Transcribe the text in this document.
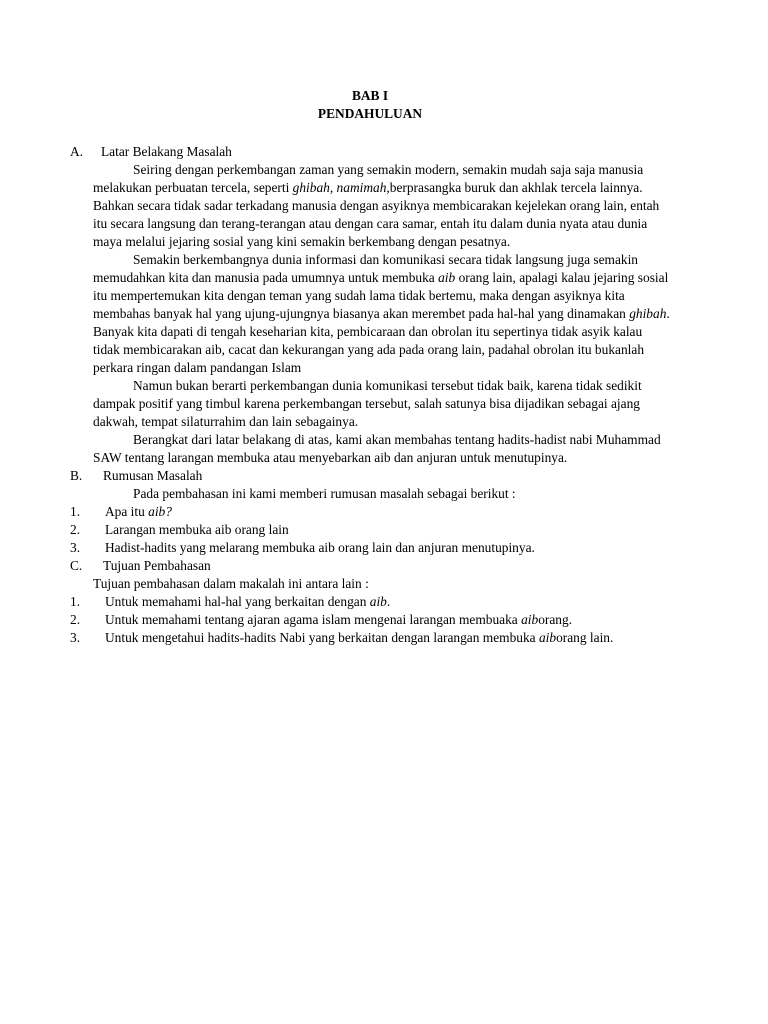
BAB I
PENDAHULUAN
A.	Latar Belakang Masalah
Seiring dengan perkembangan zaman yang semakin modern, semakin mudah saja saja manusia melakukan perbuatan tercela, seperti ghibah, namimah,berprasangka buruk dan akhlak tercela lainnya. Bahkan secara tidak sadar terkadang manusia dengan asyiknya membicarakan kejelekan orang lain, entah itu secara langsung dan terang-terangan atau dengan cara samar, entah itu dalam dunia nyata atau dunia maya melalui jejaring sosial yang kini semakin berkembang dengan pesatnya.
Semakin berkembangnya dunia informasi dan komunikasi secara tidak langsung juga semakin memudahkan kita dan manusia pada umumnya untuk membuka aib orang lain, apalagi kalau jejaring sosial itu mempertemukan kita dengan teman yang sudah lama tidak bertemu, maka dengan asyiknya kita membahas banyak hal yang ujung-ujungnya biasanya akan merembet pada hal-hal yang dinamakan ghibah. Banyak kita dapati di tengah keseharian kita, pembicaraan dan obrolan itu sepertinya tidak asyik kalau tidak membicarakan aib, cacat dan kekurangan yang ada pada orang lain, padahal obrolan itu bukanlah perkara ringan dalam pandangan Islam
Namun bukan berarti perkembangan dunia komunikasi tersebut tidak baik, karena tidak sedikit dampak positif yang timbul karena perkembangan tersebut, salah satunya bisa dijadikan sebagai ajang dakwah, tempat silaturrahim dan lain sebagainya.
Berangkat dari latar belakang di atas, kami akan membahas tentang hadits-hadist nabi Muhammad SAW tentang larangan membuka atau menyebarkan aib dan anjuran untuk menutupinya.
B.	Rumusan Masalah
Pada pembahasan ini kami memberi rumusan masalah sebagai berikut :
1.	Apa itu aib?
2.	Larangan membuka aib orang lain
3.	Hadist-hadits yang melarang membuka aib orang lain dan anjuran menutupinya.
C.	Tujuan Pembahasan
Tujuan pembahasan dalam makalah ini antara lain :
1.	Untuk memahami hal-hal yang berkaitan dengan aib.
2.	Untuk memahami tentang ajaran agama islam mengenai larangan membuaka aiborang.
3.	Untuk mengetahui hadits-hadits Nabi yang berkaitan dengan larangan membuka aiborang lain.
